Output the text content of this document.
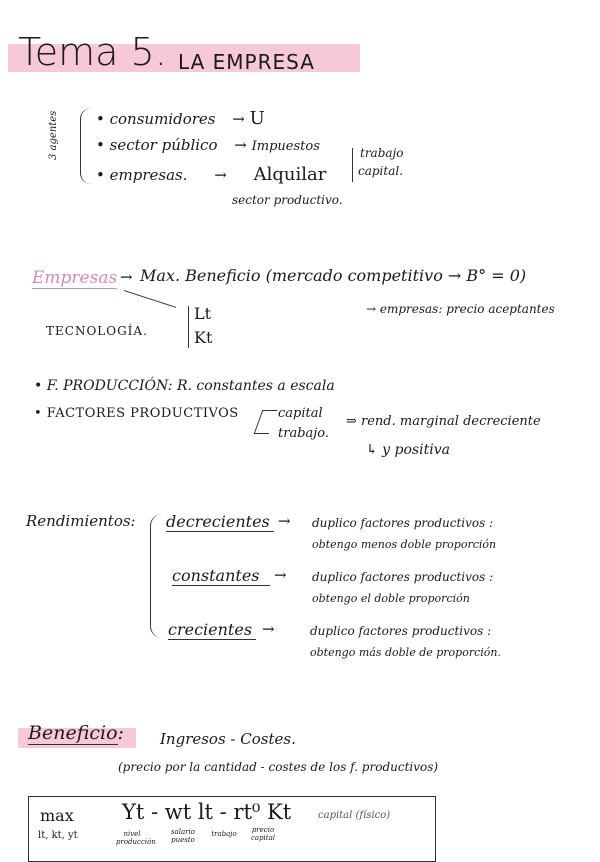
Tema 5. LA EMPRESA
3 agentes • consumidores → U
• sector público → Impuestos
• empresas. → Alquilar
trabajo
capital.
sector productivo.
Empresas → Max. Beneficio (mercado competitivo → B° = 0)
TECNOLOGÍA.
Lt
Kt
→ empresas: precio aceptantes
• F. PRODUCCIÓN: R. constantes a escala
• FACTORES PRODUCTIVOS	capital
trabajo.
⇒ rend. marginal decreciente
↳ y positiva
Rendimientos: decrecientes → duplico factores productivos :
obtengo menos doble proporción
constantes → duplico factores productivos :
obtengo el doble proporción
crecientes →	duplico factores productivos :
obtengo más doble de proporción.
Beneficio: Ingresos - Costes.
(precio por la cantidad - costes de los f. productivos)
max
lt, kt, yt
Yt - wt lt - rt⁰ Kt	capital (físico)
nivel producción
salario puesto
trabajo	precio capital
